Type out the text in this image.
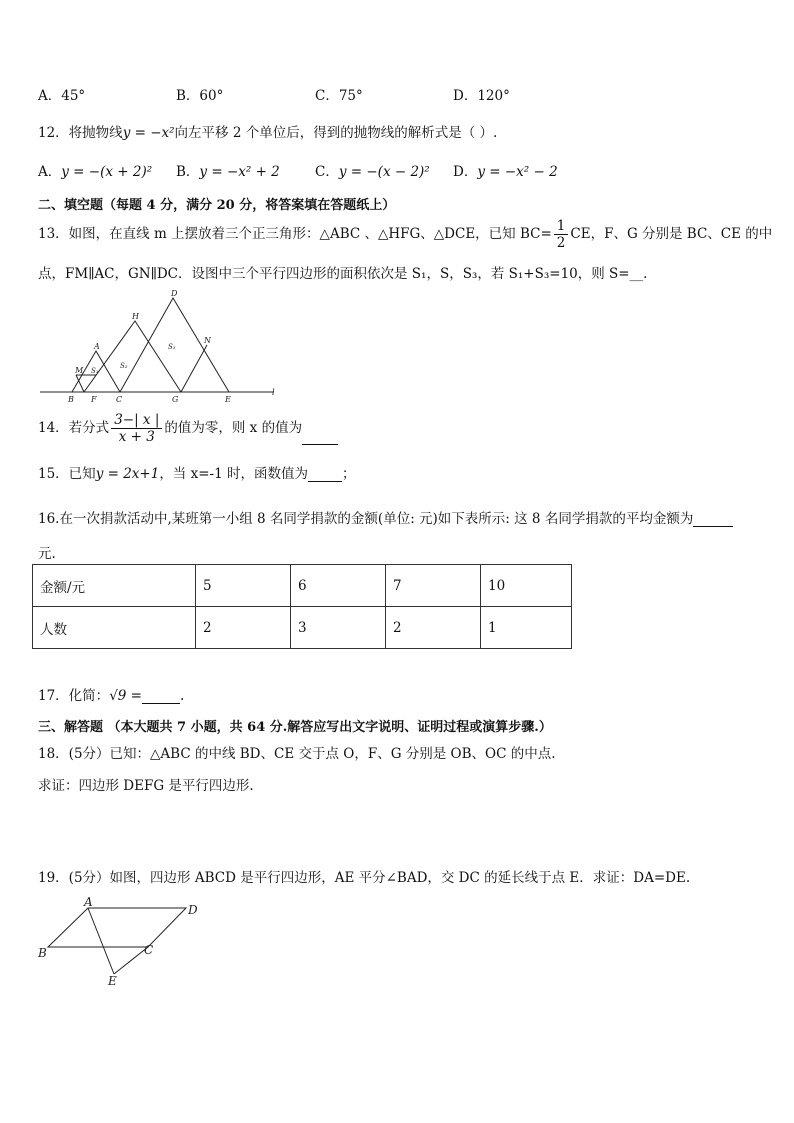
A．45°	B．60°	C．75°	D．120°
12．将抛物线y = −x²向左平移 2 个单位后，得到的抛物线的解析式是（ ）.
A．y = −(x + 2)² B．y = −x² + 2	C．y = −(x − 2)² D．y = −x² − 2
二、填空题（每题 4 分，满分 20 分，将答案填在答题纸上）
13．如图，在直线 m 上摆放着三个正三角形：△ABC 、△HFG、△DCE，已知 $BC= \frac{1}{2}$ CE，F、G 分别是 BC、CE 的中
点，FM∥AC，GN∥DC．设图中三个平行四边形的面积依次是 S₁，S，S₃，若 S₁+S₃=10，则 S=__.
B F C	G	E
l
A
M
H
D
N
S₁
S₂
S₃
14．若分式 $\frac{3-| x |}{x + 3}$ 的值为零，则 x 的值为
15．已知y = 2x+1，当 x=-1 时，函数值为	；
16.在一次捐款活动中,某班第一小组 8 名同学捐款的金额(单位: 元)如下表所示: 这 8 名同学捐款的平均金额为
元.
金额/元	5	6	7	10
人数	2	3	2	1
17．化简：√9 =	.
三、解答题 （本大题共 7 小题，共 64 分.解答应写出文字说明、证明过程或演算步骤.）
18．(5分）已知：△ABC 的中线 BD、CE 交于点 O，F、G 分别是 OB、OC 的中点.
求证：四边形 DEFG 是平行四边形.
19．(5分）如图，四边形 ABCD 是平行四边形，AE 平分∠BAD，交 DC 的延长线于点 E．求证：DA=DE.
A
D
B	C
E
